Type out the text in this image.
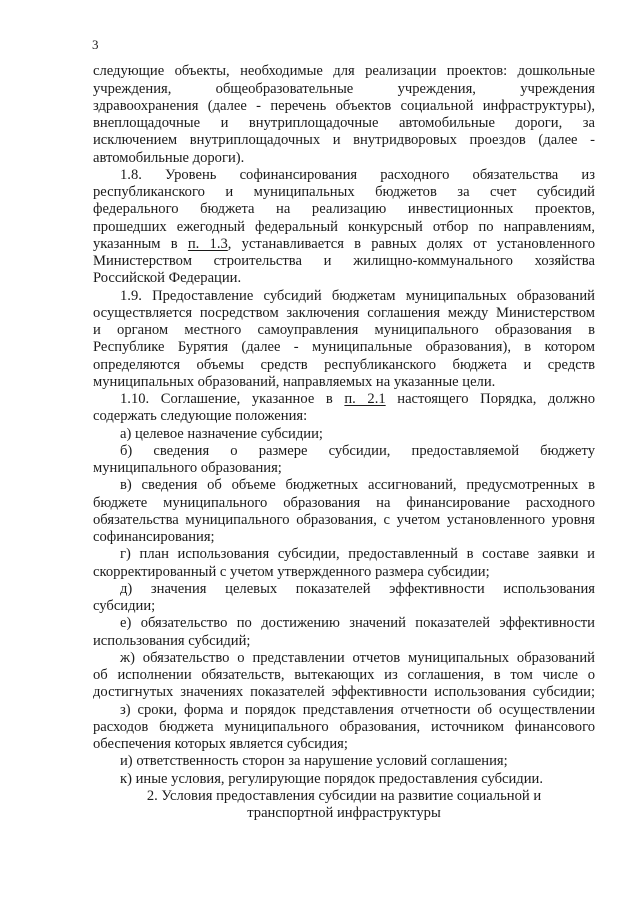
3
следующие объекты, необходимые для реализации проектов: дошкольные
учреждения, общеобразовательные учреждения, учреждения
здравоохранения (далее - перечень объектов социальной инфраструктуры),
внеплощадочные и внутриплощадочные автомобильные дороги, за
исключением внутриплощадочных и внутридворовых проездов (далее -
автомобильные дороги).
1.8. Уровень софинансирования расходного обязательства из
республиканского и муниципальных бюджетов за счет субсидий
федерального бюджета на реализацию инвестиционных проектов,
прошедших ежегодный федеральный конкурсный отбор по направлениям,
указанным в п. 1.3, устанавливается в равных долях от установленного
Министерством строительства и жилищно-коммунального хозяйства
Российской Федерации.
1.9. Предоставление субсидий бюджетам муниципальных образований
осуществляется посредством заключения соглашения между Министерством
и органом местного самоуправления муниципального образования в
Республике Бурятия (далее - муниципальные образования), в котором
определяются объемы средств республиканского бюджета и средств
муниципальных образований, направляемых на указанные цели.
1.10. Соглашение, указанное в п. 2.1 настоящего Порядка, должно
содержать следующие положения:
а) целевое назначение субсидии;
б) сведения о размере субсидии, предоставляемой бюджету
муниципального образования;
в) сведения об объеме бюджетных ассигнований, предусмотренных в
бюджете муниципального образования на финансирование расходного
обязательства муниципального образования, с учетом установленного уровня
софинансирования;
г) план использования субсидии, предоставленный в составе заявки и
скорректированный с учетом утвержденного размера субсидии;
д) значения целевых показателей эффективности использования
субсидии;
е) обязательство по достижению значений показателей эффективности
использования субсидий;
ж) обязательство о представлении отчетов муниципальных образований
об исполнении обязательств, вытекающих из соглашения, в том числе о
достигнутых значениях показателей эффективности использования субсидии;
з) сроки, форма и порядок представления отчетности об осуществлении
расходов бюджета муниципального образования, источником финансового
обеспечения которых является субсидия;
и) ответственность сторон за нарушение условий соглашения;
к) иные условия, регулирующие порядок предоставления субсидии.
2. Условия предоставления субсидии на развитие социальной и
транспортной инфраструктуры
